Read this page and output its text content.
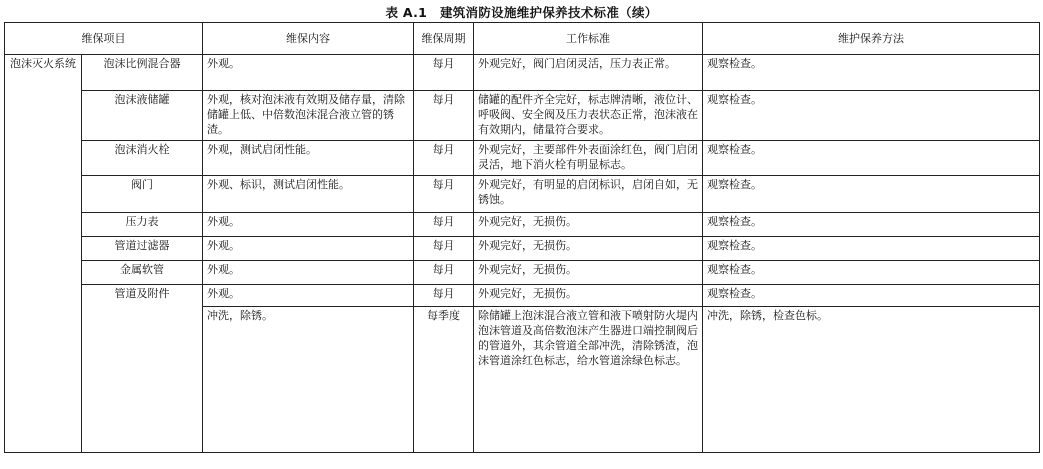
表 A.1　建筑消防设施维护保养技术标准（续）
维保项目		维保内容	维保周期	工作标准	维护保养方法
泡沫灭火系统	泡沫比例混合器	外观。	每月	外观完好，阀门启闭灵活，压力表正常。	观察检查。
	泡沫液储罐	外观，核对泡沫液有效期及储存量，清除储罐上低、中倍数泡沫混合液立管的锈渣。	每月	储罐的配件齐全完好，标志牌清晰，液位计、呼吸阀、安全阀及压力表状态正常，泡沫液在有效期内，储量符合要求。	观察检查。
	泡沫消火栓	外观，测试启闭性能。	每月	外观完好，主要部件外表面涂红色，阀门启闭灵活，地下消火栓有明显标志。	观察检查。
	阀门	外观、标识，测试启闭性能。	每月	外观完好，有明显的启闭标识，启闭自如，无锈蚀。	观察检查。
	压力表	外观。	每月	外观完好，无损伤。	观察检查。
	管道过滤器	外观。	每月	外观完好，无损伤。	观察检查。
	金属软管	外观。	每月	外观完好，无损伤。	观察检查。
	管道及附件	外观。	每月	外观完好，无损伤。	观察检查。
		冲洗，除锈。	每季度	除储罐上泡沫混合液立管和液下喷射防火堤内泡沫管道及高倍数泡沫产生器进口端控制阀后的管道外，其余管道全部冲洗，清除锈渣，泡沫管道涂红色标志，给水管道涂绿色标志。	冲洗，除锈，检查色标。
